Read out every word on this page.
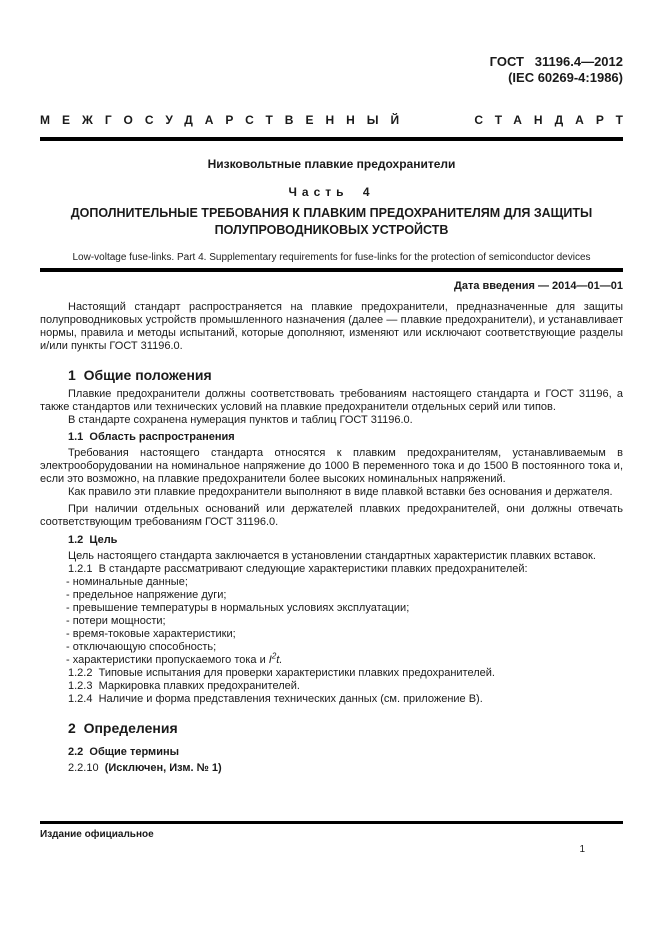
ГОСТ   31196.4—2012
(IEC 60269-4:1986)
МЕЖГОСУДАРСТВЕННЫЙ	СТАНДАРТ
Низковольтные плавкие предохранители
Часть 4
ДОПОЛНИТЕЛЬНЫЕ ТРЕБОВАНИЯ К ПЛАВКИМ ПРЕДОХРАНИТЕЛЯМ ДЛЯ ЗАЩИТЫ
ПОЛУПРОВОДНИКОВЫХ УСТРОЙСТВ
Low-voltage fuse-links. Part 4. Supplementary requirements for fuse-links for the protection of semiconductor devices
Дата введения — 2014—01—01
Настоящий стандарт распространяется на плавкие предохранители, предназначенные для защиты полупроводниковых устройств промышленного назначения (далее — плавкие предохранители), и устанавливает нормы, правила и методы испытаний, которые дополняют, изменяют или исключают соответствующие разделы и/или пункты ГОСТ 31196.0.
1  Общие положения
Плавкие предохранители должны соответствовать требованиям настоящего стандарта и ГОСТ 31196, а также стандартов или технических условий на плавкие предохранители отдельных серий или типов.
В стандарте сохранена нумерация пунктов и таблиц ГОСТ 31196.0.
1.1  Область распространения
Требования настоящего стандарта относятся к плавким предохранителям, устанавливаемым в электрооборудовании на номинальное напряжение до 1000 В переменного тока и до 1500 В постоянного тока и, если это возможно, на плавкие предохранители более высоких номинальных напряжений.
Как правило эти плавкие предохранители выполняют в виде плавкой вставки без основания и держателя.
При наличии отдельных оснований или держателей плавких предохранителей, они должны отвечать соответствующим требованиям ГОСТ 31196.0.
1.2  Цель
Цель настоящего стандарта заключается в установлении стандартных характеристик плавких вставок.
1.2.1  В стандарте рассматривают следующие характеристики плавких предохранителей:
- номинальные данные;
- предельное напряжение дуги;
- превышение температуры в нормальных условиях эксплуатации;
- потери мощности;
- время-токовые характеристики;
- отключающую способность;
- характеристики пропускаемого тока и $I^2t$.
1.2.2  Типовые испытания для проверки характеристики плавких предохранителей.
1.2.3  Маркировка плавких предохранителей.
1.2.4  Наличие и форма представления технических данных (см. приложение В).
2  Определения
2.2  Общие термины
2.2.10  (Исключен, Изм. № 1)
Издание официальное
1
